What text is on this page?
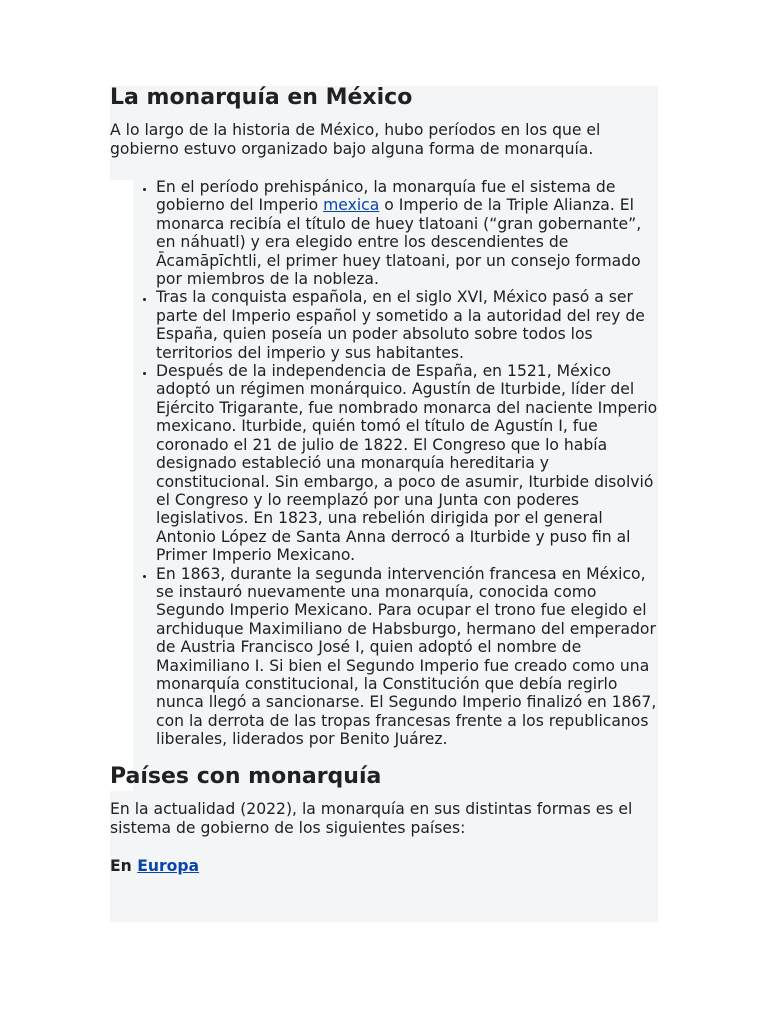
La monarquía en México

A lo largo de la historia de México, hubo períodos en los que el gobierno estuvo organizado bajo alguna forma de monarquía.

• En el período prehispánico, la monarquía fue el sistema de gobierno del Imperio mexica o Imperio de la Triple Alianza. El monarca recibía el título de huey tlatoani (“gran gobernante”, en náhuatl) y era elegido entre los descendientes de Ācamāpīchtli, el primer huey tlatoani, por un consejo formado por miembros de la nobleza.
• Tras la conquista española, en el siglo XVI, México pasó a ser parte del Imperio español y sometido a la autoridad del rey de España, quien poseía un poder absoluto sobre todos los territorios del imperio y sus habitantes.
• Después de la independencia de España, en 1521, México adoptó un régimen monárquico. Agustín de Iturbide, líder del Ejército Trigarante, fue nombrado monarca del naciente Imperio mexicano. Iturbide, quién tomó el título de Agustín I, fue coronado el 21 de julio de 1822. El Congreso que lo había designado estableció una monarquía hereditaria y constitucional. Sin embargo, a poco de asumir, Iturbide disolvió el Congreso y lo reemplazó por una Junta con poderes legislativos. En 1823, una rebelión dirigida por el general Antonio López de Santa Anna derrocó a Iturbide y puso fin al Primer Imperio Mexicano.
• En 1863, durante la segunda intervención francesa en México, se instauró nuevamente una monarquía, conocida como Segundo Imperio Mexicano. Para ocupar el trono fue elegido el archiduque Maximiliano de Habsburgo, hermano del emperador de Austria Francisco José I, quien adoptó el nombre de Maximiliano I. Si bien el Segundo Imperio fue creado como una monarquía constitucional, la Constitución que debía regirlo nunca llegó a sancionarse. El Segundo Imperio finalizó en 1867, con la derrota de las tropas francesas frente a los republicanos liberales, liderados por Benito Juárez.
Países con monarquía

En la actualidad (2022), la monarquía en sus distintas formas es el sistema de gobierno de los siguientes países:

En Europa
